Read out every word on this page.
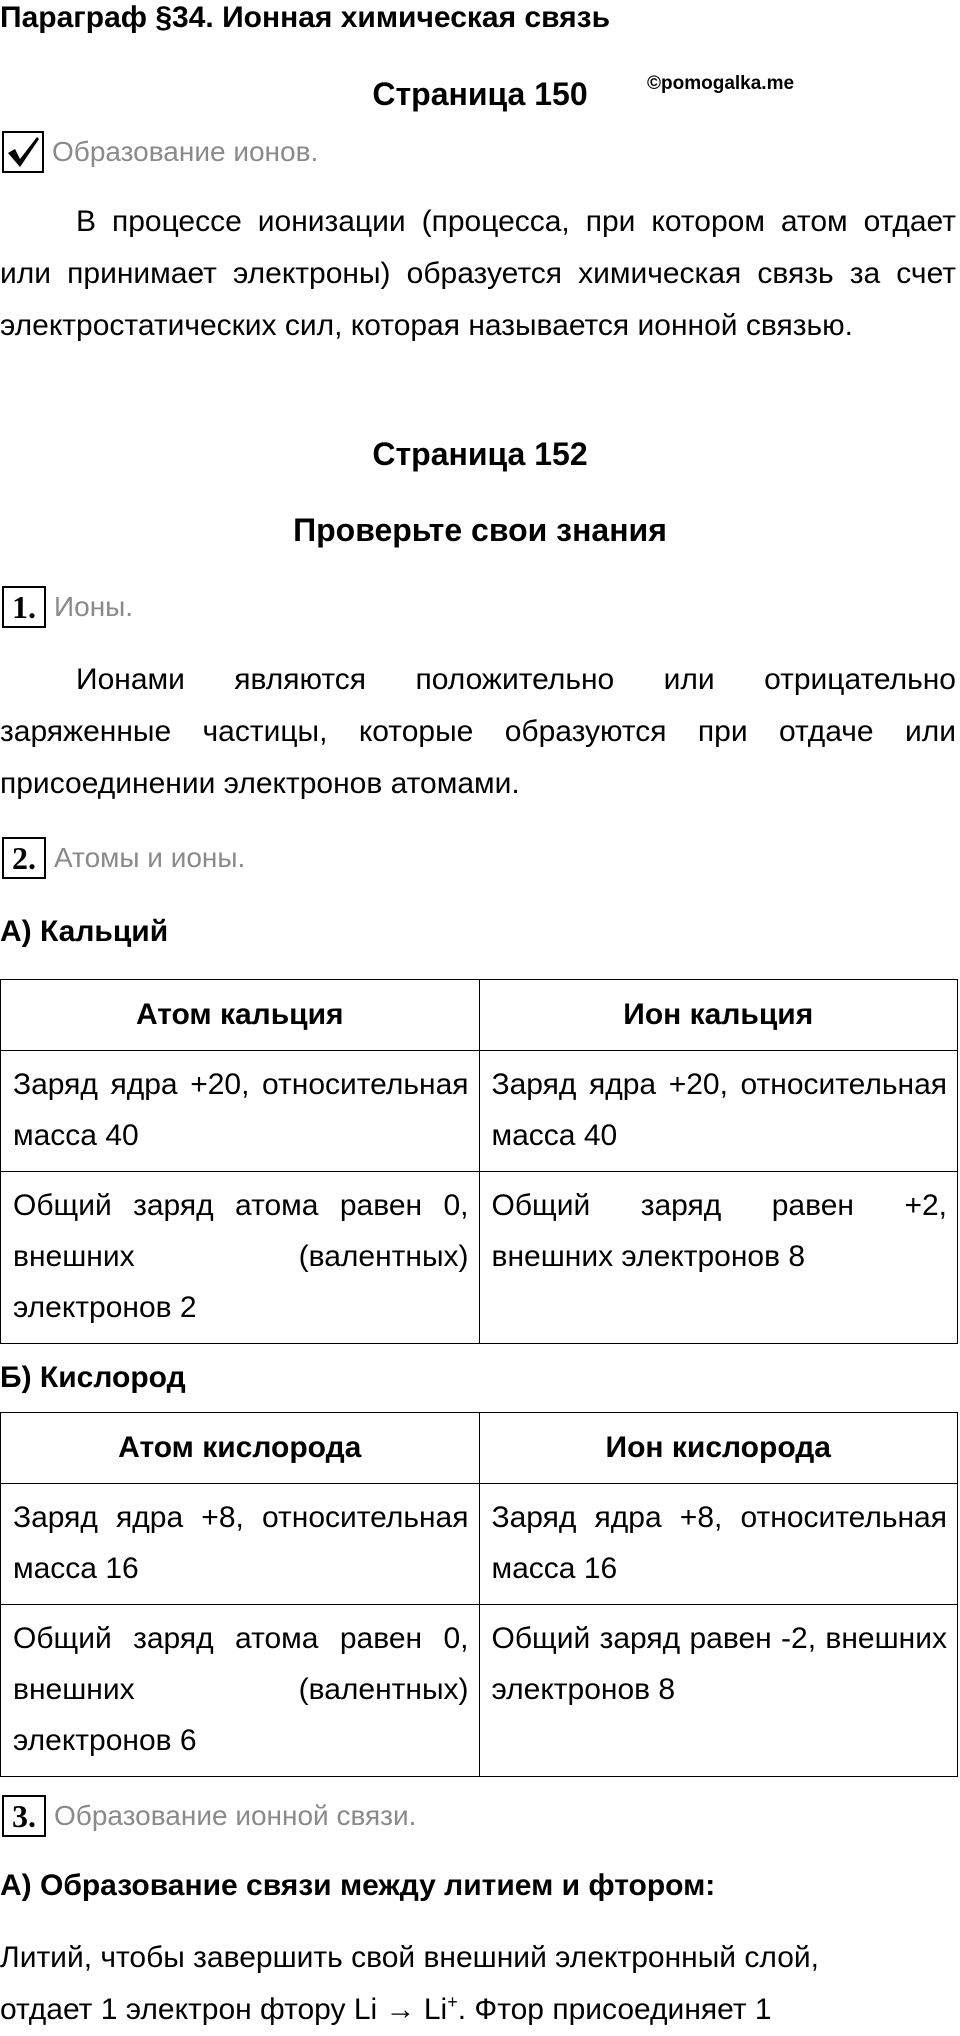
Параграф §34. Ионная химическая связь
Страница 150	©pomogalka.me
Образование ионов.
В процессе ионизации (процесса, при котором атом отдает или принимает электроны) образуется химическая связь за счет электростатических сил, которая называется ионной связью.
Страница 152
Проверьте свои знания
1. Ионы.
Ионами являются положительно или отрицательно заряженные частицы, которые образуются при отдаче или присоединении электронов атомами.
2. Атомы и ионы.
А) Кальций
Атом кальция	Ион кальция
Заряд ядра +20, относительная масса 40	Заряд ядра +20, относительная масса 40
Общий заряд атома равен 0, внешних (валентных) электронов 2	Общий заряд равен +2, внешних электронов 8
Б) Кислород
Атом кислорода	Ион кислорода
Заряд ядра +8, относительная масса 16	Заряд ядра +8, относительная масса 16
Общий заряд атома равен 0, внешних (валентных) электронов 6	Общий заряд равен -2, внешних электронов 8
3. Образование ионной связи.
А) Образование связи между литием и фтором:
Литий, чтобы завершить свой внешний электронный слой,
отдает 1 электрон фтору Li → Li+. Фтор присоединяет 1
